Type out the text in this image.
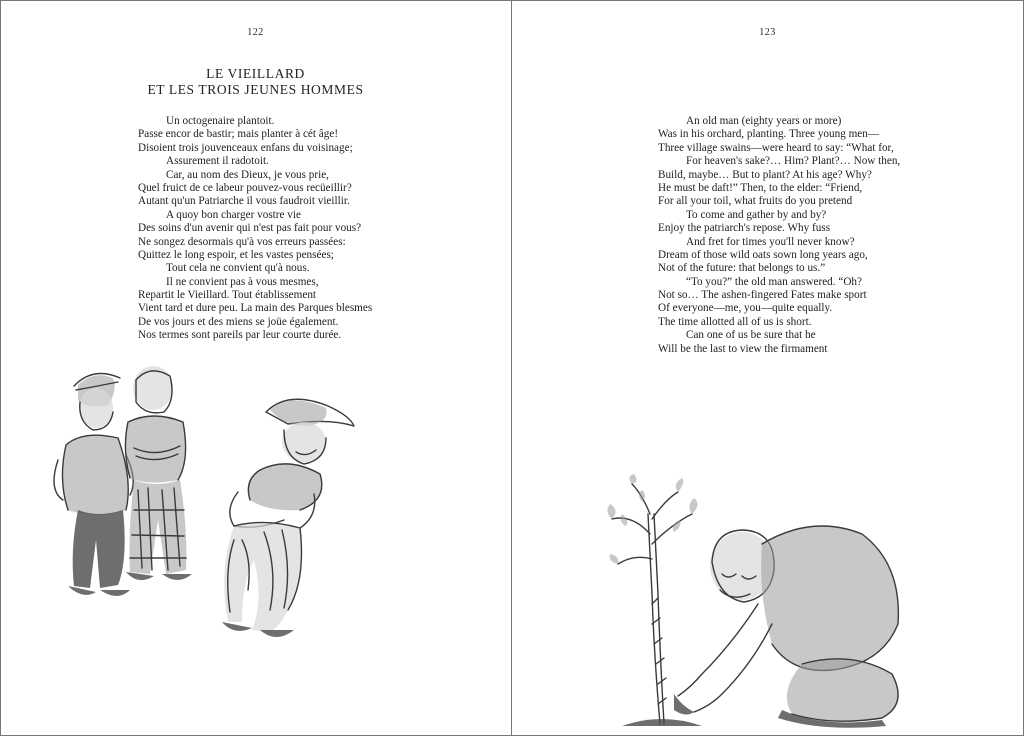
122
LE VIEILLARD
ET LES TROIS JEUNES HOMMES
Un octogenaire plantoit.
Passe encor de bastir; mais planter à cét âge!
Disoient trois jouvenceaux enfans du voisinage;
Assurement il radotoit.
Car, au nom des Dieux, je vous prie,
Quel fruict de ce labeur pouvez-vous recüeillir?
Autant qu'un Patriarche il vous faudroit vieillir.
A quoy bon charger vostre vie
Des soins d'un avenir qui n'est pas fait pour vous?
Ne songez desormais qu'à vos erreurs passées:
Quittez le long espoir, et les vastes pensées;
Tout cela ne convient qu'à nous.
Il ne convient pas à vous mesmes,
Repartit le Vieillard. Tout établissement
Vient tard et dure peu. La main des Parques blesmes
De vos jours et des miens se joüe également.
Nos termes sont pareils par leur courte durée.
123
An old man (eighty years or more)
Was in his orchard, planting. Three young men—
Three village swains—were heard to say: “What for,
For heaven's sake?… Him? Plant?… Now then,
Build, maybe… But to plant? At his age? Why?
He must be daft!” Then, to the elder: “Friend,
For all your toil, what fruits do you pretend
To come and gather by and by?
Enjoy the patriarch's repose. Why fuss
And fret for times you'll never know?
Dream of those wild oats sown long years ago,
Not of the future: that belongs to us.”
“To you?” the old man answered. “Oh?
Not so… The ashen-fingered Fates make sport
Of everyone—me, you—quite equally.
The time allotted all of us is short.
Can one of us be sure that he
Will be the last to view the firmament
